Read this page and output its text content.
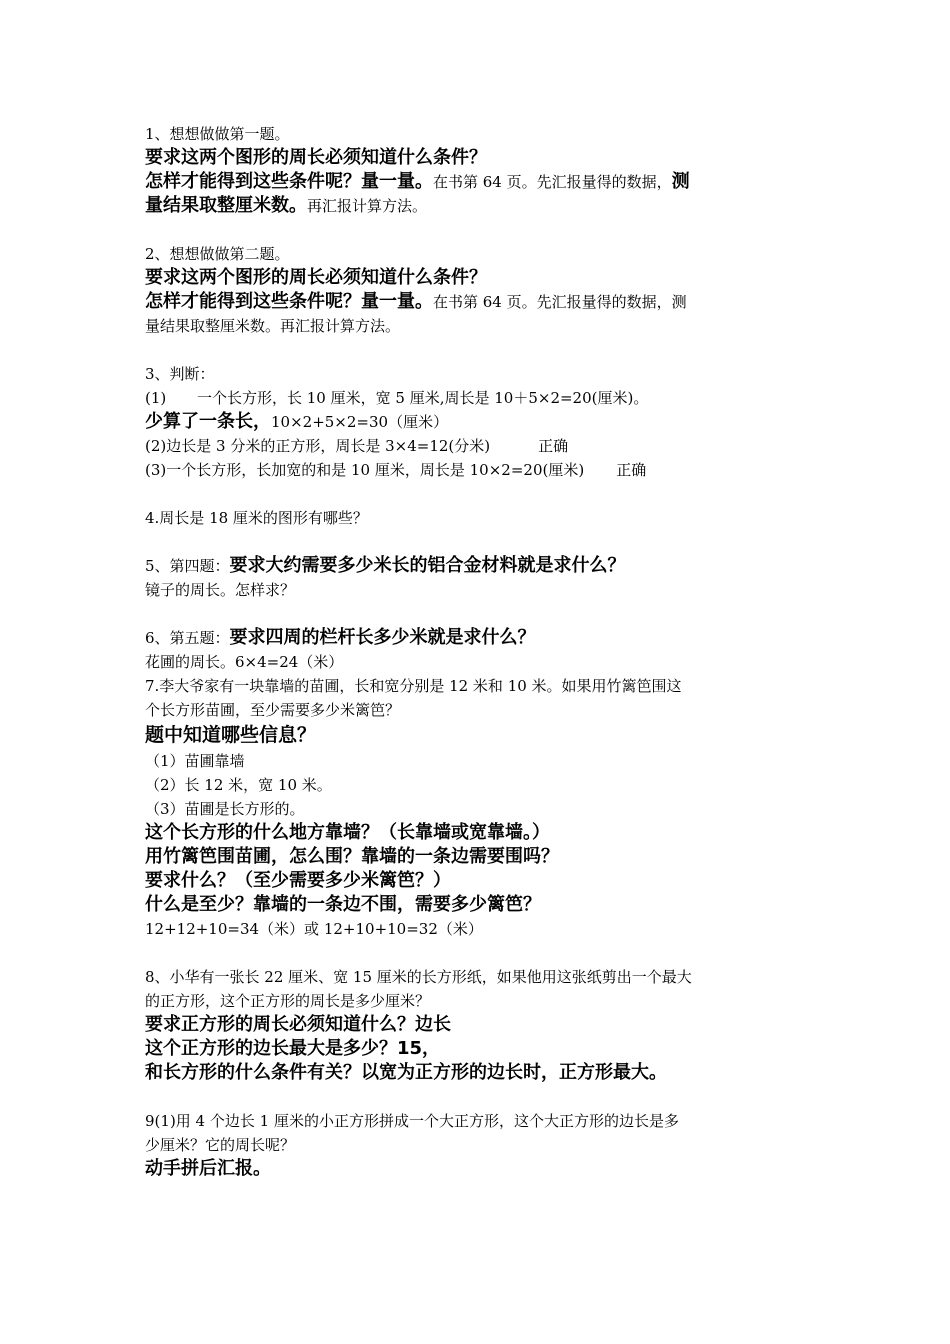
1、想想做做第一题。
要求这两个图形的周长必须知道什么条件？
怎样才能得到这些条件呢？量一量。在书第 64 页。先汇报量得的数据，测
量结果取整厘米数。再汇报计算方法。
2、想想做做第二题。
要求这两个图形的周长必须知道什么条件？
怎样才能得到这些条件呢？量一量。在书第 64 页。先汇报量得的数据，测
量结果取整厘米数。再汇报计算方法。
3、判断：
(1) 一个长方形，长 10 厘米，宽 5 厘米,周长是 10＋5×2=20(厘米)。
少算了一条长，10×2+5×2=30（厘米）
(2)边长是 3 分米的正方形，周长是 3×4=12(分米)	正确
(3)一个长方形，长加宽的和是 10 厘米，周长是 10×2=20(厘米) 正确
4.周长是 18 厘米的图形有哪些？
5、第四题：要求大约需要多少米长的铝合金材料就是求什么？
镜子的周长。怎样求？
6、第五题：要求四周的栏杆长多少米就是求什么？
花圃的周长。6×4=24（米）
7.李大爷家有一块靠墙的苗圃，长和宽分别是 12 米和 10 米。如果用竹篱笆围这
个长方形苗圃，至少需要多少米篱笆？
题中知道哪些信息？
（1）苗圃靠墙
（2）长 12 米，宽 10 米。
（3）苗圃是长方形的。
这个长方形的什么地方靠墙？（长靠墙或宽靠墙。）
用竹篱笆围苗圃，怎么围？靠墙的一条边需要围吗？
要求什么？（至少需要多少米篱笆？）
什么是至少？靠墙的一条边不围，需要多少篱笆？
12+12+10=34（米）或 12+10+10=32（米）
8、小华有一张长 22 厘米、宽 15 厘米的长方形纸，如果他用这张纸剪出一个最大
的正方形，这个正方形的周长是多少厘米？
要求正方形的周长必须知道什么？边长
这个正方形的边长最大是多少？15，
和长方形的什么条件有关？以宽为正方形的边长时，正方形最大。
9(1)用 4 个边长 1 厘米的小正方形拼成一个大正方形，这个大正方形的边长是多
少厘米？它的周长呢？
动手拼后汇报。
